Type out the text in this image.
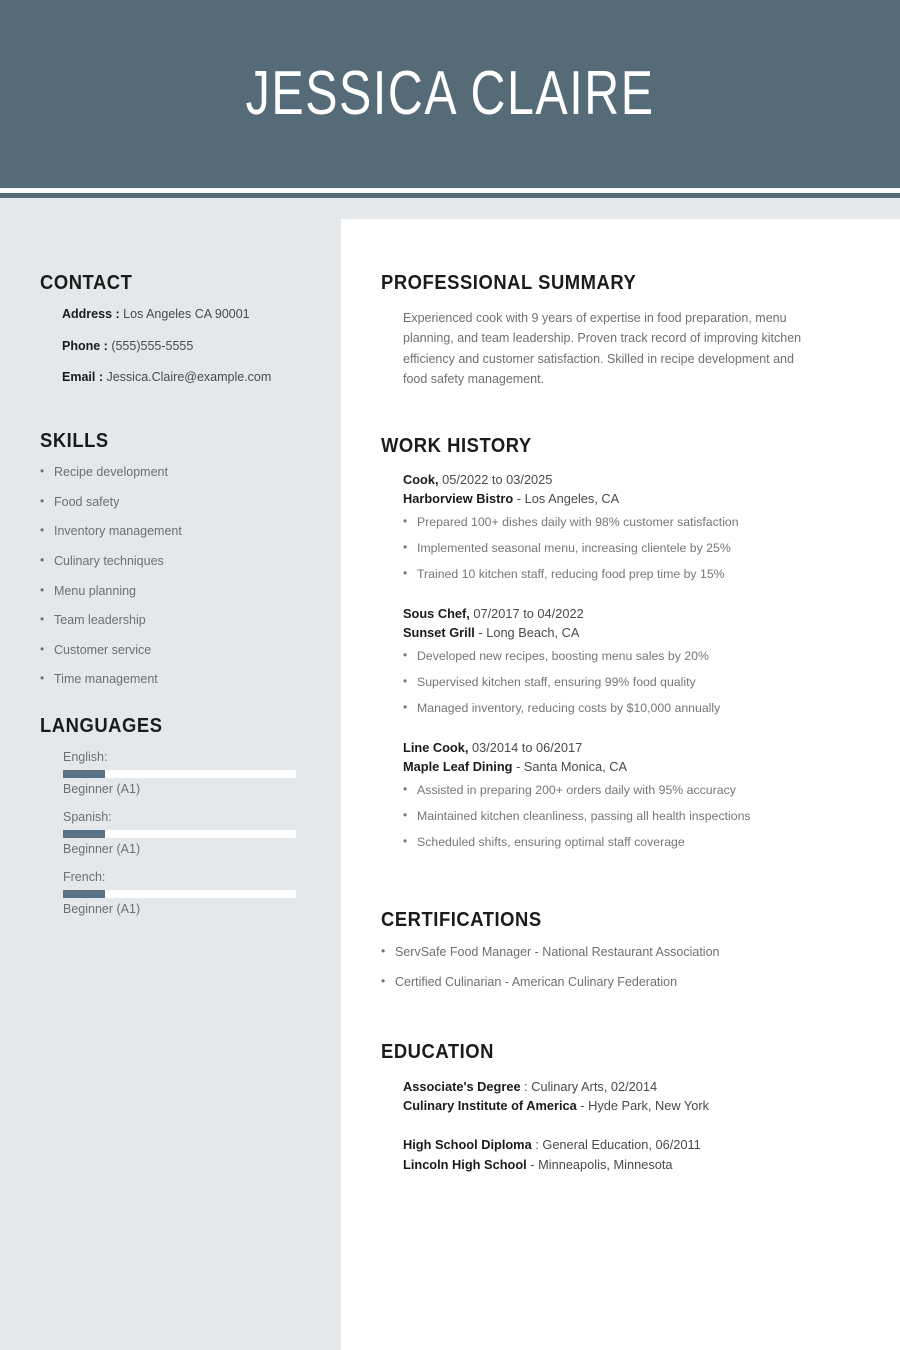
JESSICA CLAIRE
CONTACT

Address : Los Angeles CA 90001

Phone : (555)555-5555

Email : Jessica.Claire@example.com

SKILLS
• Recipe development
• Food safety
• Inventory management
• Culinary techniques
• Menu planning
• Team leadership
• Customer service
• Time management
LANGUAGES
English:
Beginner (A1)
Spanish:
Beginner (A1)
French:
Beginner (A1)
PROFESSIONAL SUMMARY

Experienced cook with 9 years of expertise in food preparation, menu planning, and team leadership. Proven track record of improving kitchen efficiency and customer satisfaction. Skilled in recipe development and food safety management.

WORK HISTORY
Cook, 05/2022 to 03/2025
Harborview Bistro - Los Angeles, CA
• Prepared 100+ dishes daily with 98% customer satisfaction
• Implemented seasonal menu, increasing clientele by 25%
• Trained 10 kitchen staff, reducing food prep time by 15%
Sous Chef, 07/2017 to 04/2022
Sunset Grill - Long Beach, CA
• Developed new recipes, boosting menu sales by 20%
• Supervised kitchen staff, ensuring 99% food quality
• Managed inventory, reducing costs by $10,000 annually
Line Cook, 03/2014 to 06/2017
Maple Leaf Dining - Santa Monica, CA
• Assisted in preparing 200+ orders daily with 95% accuracy
• Maintained kitchen cleanliness, passing all health inspections
• Scheduled shifts, ensuring optimal staff coverage
CERTIFICATIONS
• ServSafe Food Manager - National Restaurant Association
• Certified Culinarian - American Culinary Federation
EDUCATION
Associate's Degree : Culinary Arts, 02/2014
Culinary Institute of America - Hyde Park, New York
High School Diploma : General Education, 06/2011
Lincoln High School - Minneapolis, Minnesota
